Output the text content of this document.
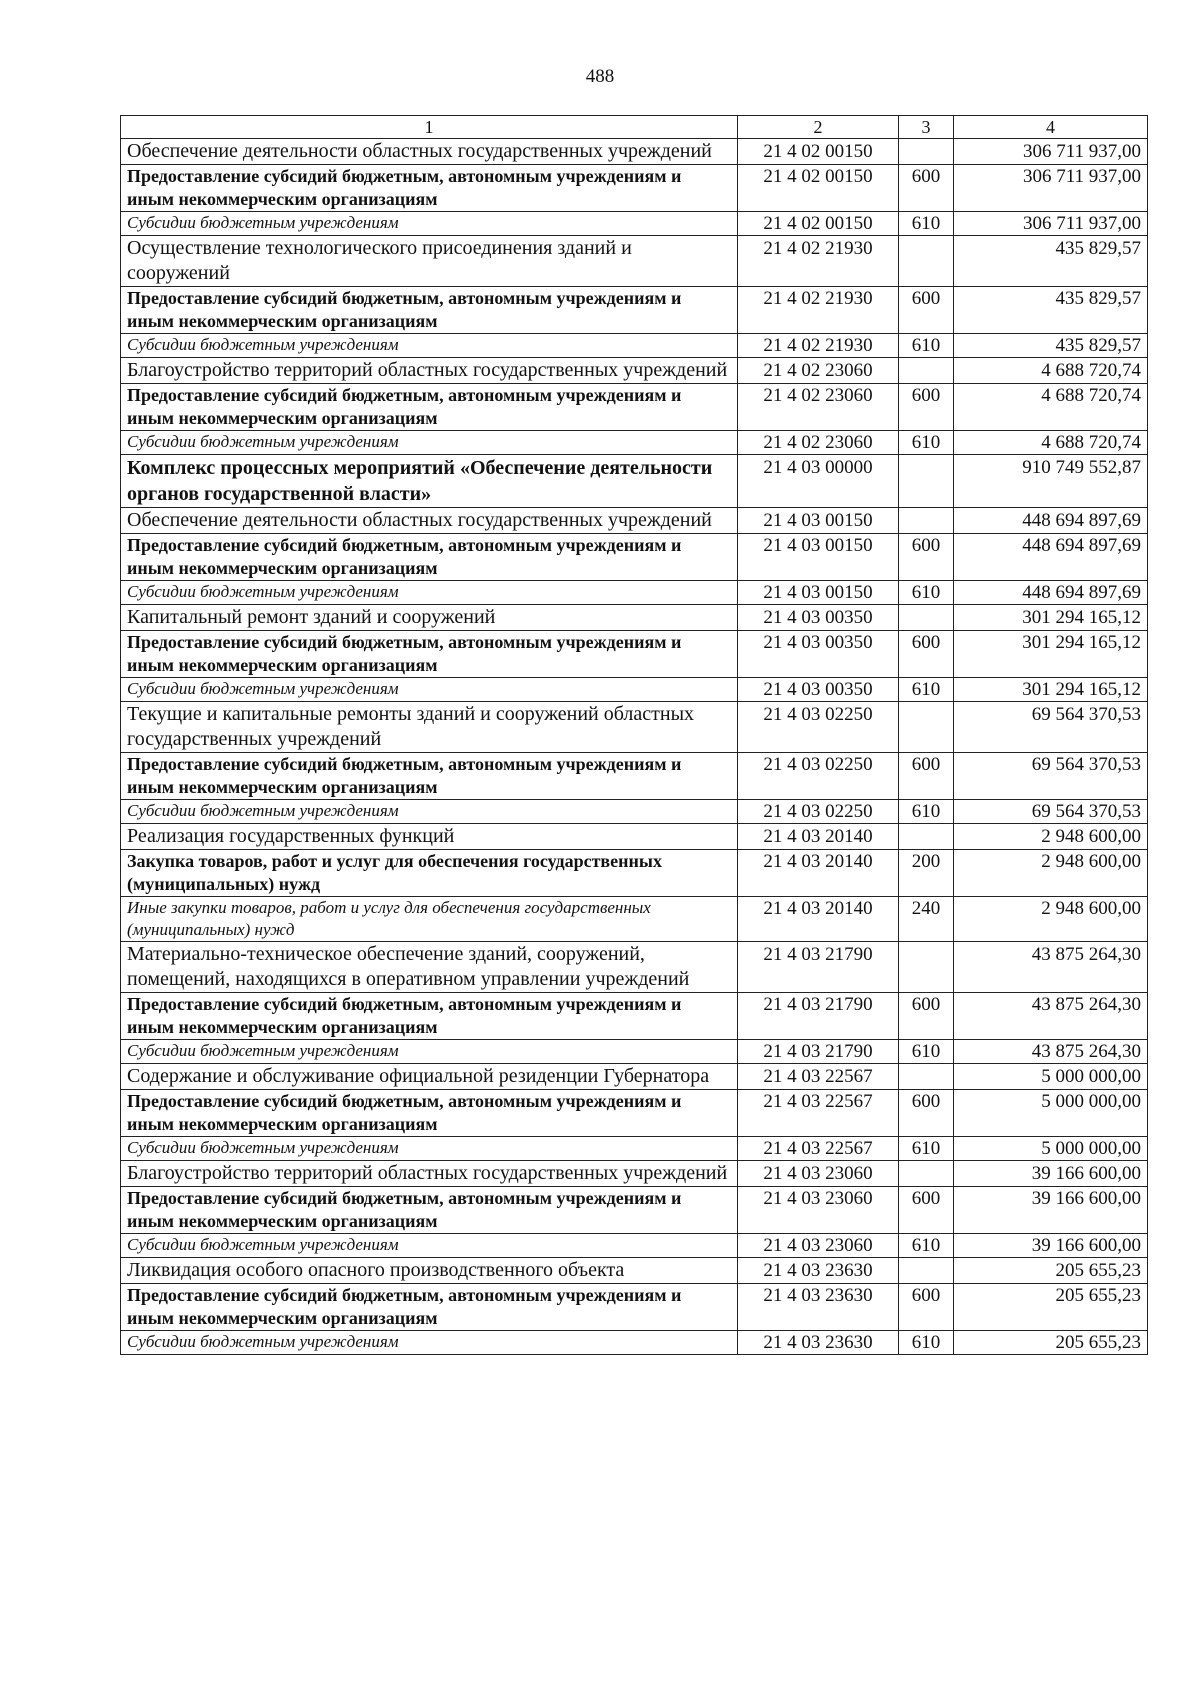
488
1	2	3	4
Обеспечение деятельности областных государственных учреждений	21 4 02 00150		306 711 937,00
Предоставление субсидий бюджетным, автономным учреждениям и иным некоммерческим организациям	21 4 02 00150	600	306 711 937,00
Субсидии бюджетным учреждениям	21 4 02 00150	610	306 711 937,00
Осуществление технологического присоединения зданий и сооружений	21 4 02 21930		435 829,57
Предоставление субсидий бюджетным, автономным учреждениям и иным некоммерческим организациям	21 4 02 21930	600	435 829,57
Субсидии бюджетным учреждениям	21 4 02 21930	610	435 829,57
Благоустройство территорий областных государственных учреждений	21 4 02 23060		4 688 720,74
Предоставление субсидий бюджетным, автономным учреждениям и иным некоммерческим организациям	21 4 02 23060	600	4 688 720,74
Субсидии бюджетным учреждениям	21 4 02 23060	610	4 688 720,74
Комплекс процессных мероприятий «Обеспечение деятельности органов государственной власти»	21 4 03 00000		910 749 552,87
Обеспечение деятельности областных государственных учреждений	21 4 03 00150		448 694 897,69
Предоставление субсидий бюджетным, автономным учреждениям и иным некоммерческим организациям	21 4 03 00150	600	448 694 897,69
Субсидии бюджетным учреждениям	21 4 03 00150	610	448 694 897,69
Капитальный ремонт зданий и сооружений	21 4 03 00350		301 294 165,12
Предоставление субсидий бюджетным, автономным учреждениям и иным некоммерческим организациям	21 4 03 00350	600	301 294 165,12
Субсидии бюджетным учреждениям	21 4 03 00350	610	301 294 165,12
Текущие и капитальные ремонты зданий и сооружений областных государственных учреждений	21 4 03 02250		69 564 370,53
Предоставление субсидий бюджетным, автономным учреждениям и иным некоммерческим организациям	21 4 03 02250	600	69 564 370,53
Субсидии бюджетным учреждениям	21 4 03 02250	610	69 564 370,53
Реализация государственных функций	21 4 03 20140		2 948 600,00
Закупка товаров, работ и услуг для обеспечения государственных (муниципальных) нужд	21 4 03 20140	200	2 948 600,00
Иные закупки товаров, работ и услуг для обеспечения государственных (муниципальных) нужд	21 4 03 20140	240	2 948 600,00
Материально-техническое обеспечение зданий, сооружений, помещений, находящихся в оперативном управлении учреждений	21 4 03 21790		43 875 264,30
Предоставление субсидий бюджетным, автономным учреждениям и иным некоммерческим организациям	21 4 03 21790	600	43 875 264,30
Субсидии бюджетным учреждениям	21 4 03 21790	610	43 875 264,30
Содержание и обслуживание официальной резиденции Губернатора	21 4 03 22567		5 000 000,00
Предоставление субсидий бюджетным, автономным учреждениям и иным некоммерческим организациям	21 4 03 22567	600	5 000 000,00
Субсидии бюджетным учреждениям	21 4 03 22567	610	5 000 000,00
Благоустройство территорий областных государственных учреждений	21 4 03 23060		39 166 600,00
Предоставление субсидий бюджетным, автономным учреждениям и иным некоммерческим организациям	21 4 03 23060	600	39 166 600,00
Субсидии бюджетным учреждениям	21 4 03 23060	610	39 166 600,00
Ликвидация особого опасного производственного объекта	21 4 03 23630		205 655,23
Предоставление субсидий бюджетным, автономным учреждениям и иным некоммерческим организациям	21 4 03 23630	600	205 655,23
Субсидии бюджетным учреждениям	21 4 03 23630	610	205 655,23
